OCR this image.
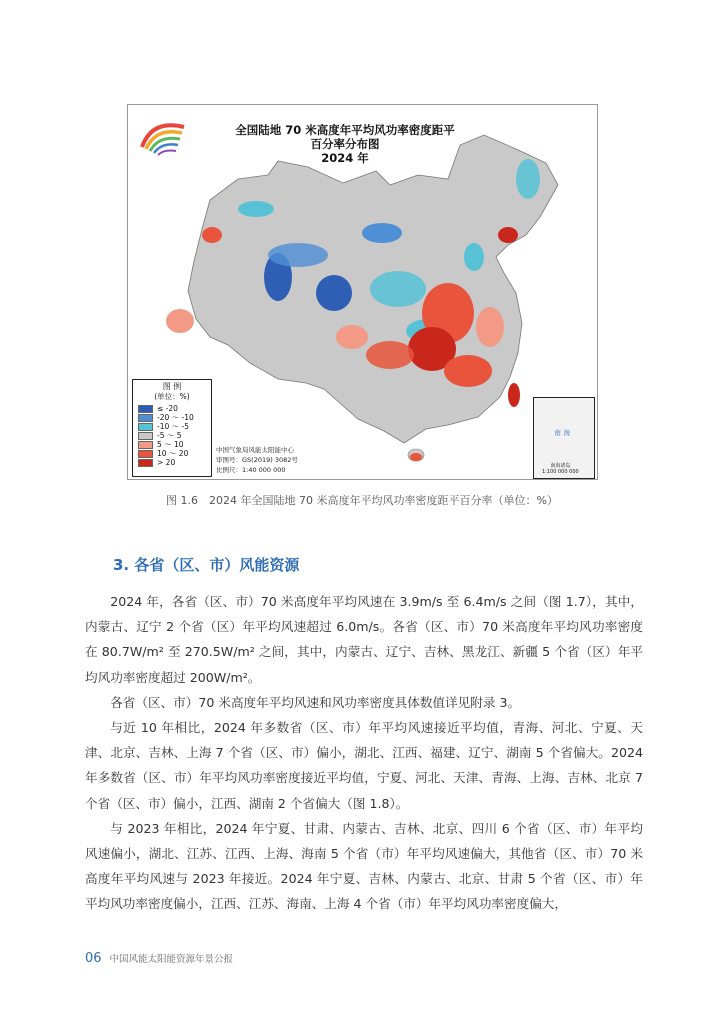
全国陆地 70 米高度年平均风功率密度距平
百分率分布图
2024 年
图 例
(单位：%)
≤ -20
-20 ～ -10
-10 ～ -5
-5 ～ 5
5 ～ 10
10 ～ 20
> 20
中国气象局风能太阳能中心
审图号：GS(2019) 3082号
比例尺：1:40 000 000
南 海
南海诸岛
1:100 000 000
图 1.6　2024 年全国陆地 70 米高度年平均风功率密度距平百分率（单位：%）
3. 各省（区、市）风能资源

2024 年，各省（区、市）70 米高度年平均风速在 3.9m/s 至 6.4m/s 之间（图 1.7），其中，内蒙古、辽宁 2 个省（区）年平均风速超过 6.0m/s。各省（区、市）70 米高度年平均风功率密度在 80.7W/m² 至 270.5W/m² 之间，其中，内蒙古、辽宁、吉林、黑龙江、新疆 5 个省（区）年平均风功率密度超过 200W/m²。

各省（区、市）70 米高度年平均风速和风功率密度具体数值详见附录 3。

与近 10 年相比，2024 年多数省（区、市）年平均风速接近平均值，青海、河北、宁夏、天津、北京、吉林、上海 7 个省（区、市）偏小，湖北、江西、福建、辽宁、湖南 5 个省偏大。2024 年多数省（区、市）年平均风功率密度接近平均值，宁夏、河北、天津、青海、上海、吉林、北京 7 个省（区、市）偏小，江西、湖南 2 个省偏大（图 1.8）。

与 2023 年相比，2024 年宁夏、甘肃、内蒙古、吉林、北京、四川 6 个省（区、市）年平均风速偏小，湖北、江苏、江西、上海、海南 5 个省（市）年平均风速偏大，其他省（区、市）70 米高度年平均风速与 2023 年接近。2024 年宁夏、吉林、内蒙古、北京、甘肃 5 个省（区、市）年平均风功率密度偏小，江西、江苏、海南、上海 4 个省（市）年平均风功率密度偏大，

06 中国风能太阳能资源年景公报
